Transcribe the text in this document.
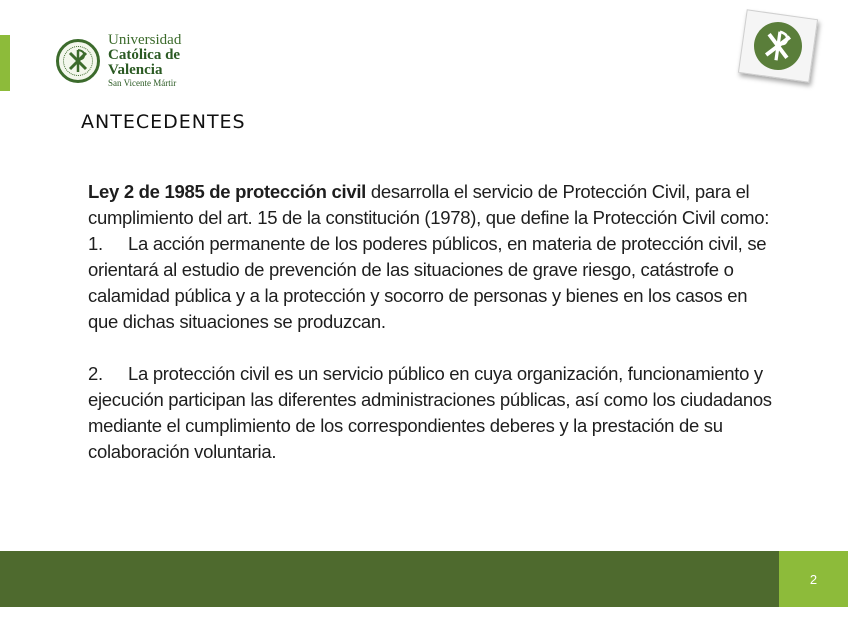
Universidad
Católica de
Valencia
San Vicente Mártir
ANTECEDENTES

Ley 2 de 1985 de protección civil desarrolla el servicio de Protección Civil, para el cumplimiento del art. 15 de la constitución (1978), que define la Protección Civil como:

1. La acción permanente de los poderes públicos, en materia de protección civil, se orientará al estudio de prevención de las situaciones de grave riesgo, catástrofe o calamidad pública y a la protección y socorro de personas y bienes en los casos en que dichas situaciones se produzcan.

2. La protección civil es un servicio público en cuya organización, funcionamiento y ejecución participan las diferentes administraciones públicas, así como los ciudadanos mediante el cumplimiento de los correspondientes deberes y la prestación de su colaboración voluntaria.

2
